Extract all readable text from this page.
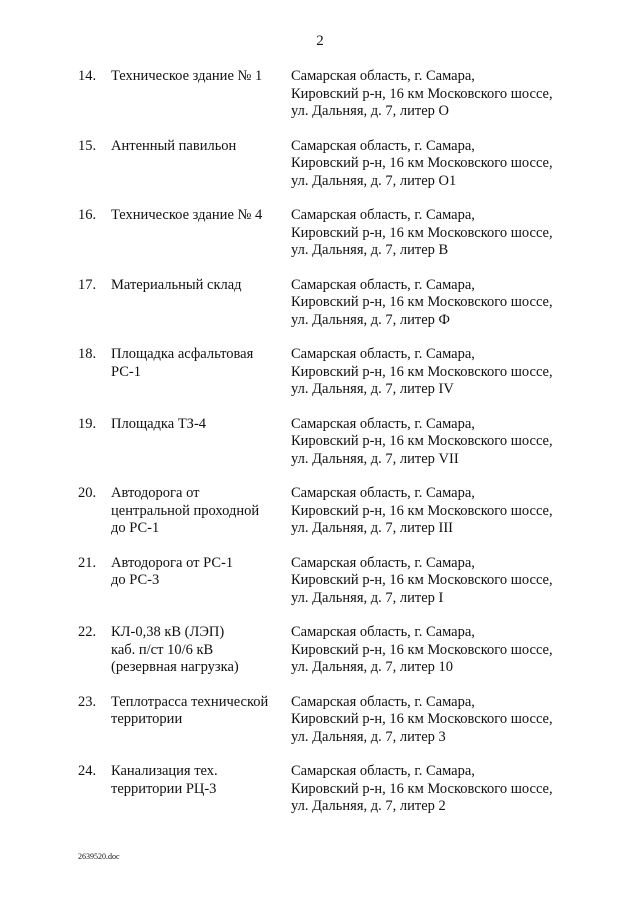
2
14.	Техническое здание № 1	Самарская область, г. Самара,
Кировский р-н, 16 км Московского шоссе,
ул. Дальняя, д. 7, литер О
15.	Антенный павильон	Самарская область, г. Самара,
Кировский р-н, 16 км Московского шоссе,
ул. Дальняя, д. 7, литер О1
16.	Техническое здание № 4	Самарская область, г. Самара,
Кировский р-н, 16 км Московского шоссе,
ул. Дальняя, д. 7, литер В
17.	Материальный склад	Самарская область, г. Самара,
Кировский р-н, 16 км Московского шоссе,
ул. Дальняя, д. 7, литер Ф
18.	Площадка асфальтовая
РС-1
Самарская область, г. Самара,
Кировский р-н, 16 км Московского шоссе,
ул. Дальняя, д. 7, литер IV
19.	Площадка ТЗ-4	Самарская область, г. Самара,
Кировский р-н, 16 км Московского шоссе,
ул. Дальняя, д. 7, литер VII
20.	Автодорога от
центральной проходной
до РС-1
Самарская область, г. Самара,
Кировский р-н, 16 км Московского шоссе,
ул. Дальняя, д. 7, литер III
21.	Автодорога от РС-1
до РС-3
Самарская область, г. Самара,
Кировский р-н, 16 км Московского шоссе,
ул. Дальняя, д. 7, литер I
22.	КЛ-0,38 кВ (ЛЭП)
каб. п/ст 10/6 кВ
(резервная нагрузка)
Самарская область, г. Самара,
Кировский р-н, 16 км Московского шоссе,
ул. Дальняя, д. 7, литер 10
23.	Теплотрасса технической
территории
Самарская область, г. Самара,
Кировский р-н, 16 км Московского шоссе,
ул. Дальняя, д. 7, литер 3
24.	Канализация тех.
территории РЦ-3
Самарская область, г. Самара,
Кировский р-н, 16 км Московского шоссе,
ул. Дальняя, д. 7, литер 2
2639520.doc
